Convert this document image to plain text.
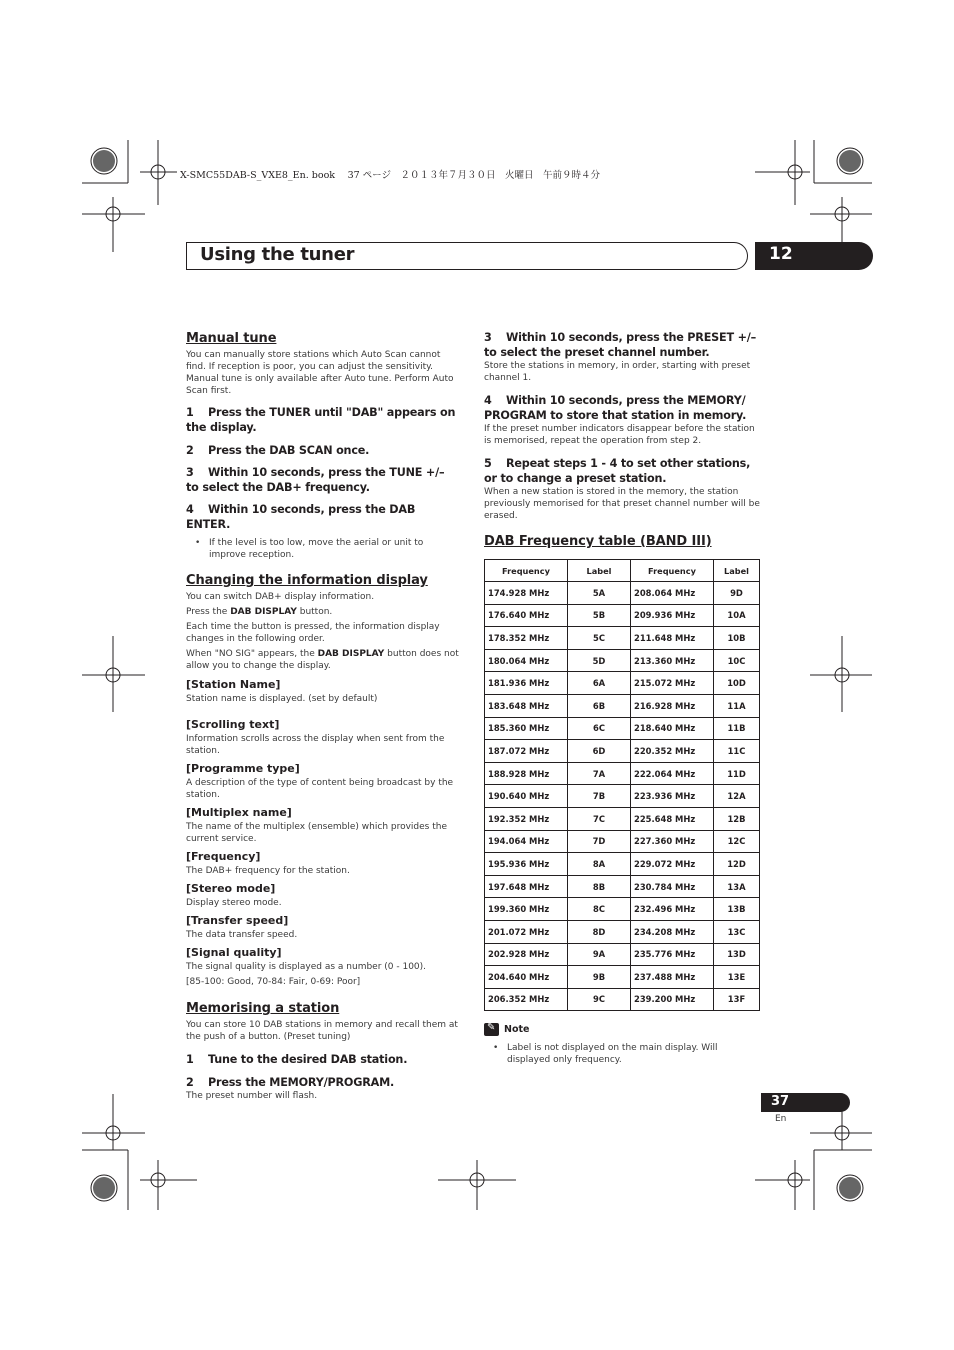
X-SMC55DAB-S_VXE8_En. book　 37 ページ　２０１３年７月３０日　火曜日　午前９時４分
Using the tuner	12
Manual tune

You can manually store stations which Auto Scan cannot find. If reception is poor, you can adjust the sensitivity. Manual tune is only available after Auto tune. Perform Auto Scan first.

1 Press the TUNER until "DAB" appears on the display.

2 Press the DAB SCAN once.

3 Within 10 seconds, press the TUNE +/– to select the DAB+ frequency.

4 Within 10 seconds, press the DAB ENTER.

• If the level is too low, move the aerial or unit to improve reception.

Changing the information display

You can switch DAB+ display information.

Press the DAB DISPLAY button.

Each time the button is pressed, the information display changes in the following order.

When "NO SIG" appears, the DAB DISPLAY button does not allow you to change the display.

[Station Name]

Station name is displayed. (set by default)

[Scrolling text]

Information scrolls across the display when sent from the station.

[Programme type]

A description of the type of content being broadcast by the station.

[Multiplex name]

The name of the multiplex (ensemble) which provides the current service.

[Frequency]

The DAB+ frequency for the station.

[Stereo mode]

Display stereo mode.

[Transfer speed]

The data transfer speed.

[Signal quality]

The signal quality is displayed as a number (0 - 100).

[85-100: Good, 70-84: Fair, 0-69: Poor]

Memorising a station

You can store 10 DAB stations in memory and recall them at the push of a button. (Preset tuning)

1 Tune to the desired DAB station.

2 Press the MEMORY/PROGRAM.

The preset number will flash.

3 Within 10 seconds, press the PRESET +/– to select the preset channel number.

Store the stations in memory, in order, starting with preset channel 1.

4 Within 10 seconds, press the MEMORY/ PROGRAM to store that station in memory.

If the preset number indicators disappear before the station is memorised, repeat the operation from step 2.

5 Repeat steps 1 - 4 to set other stations, or to change a preset station.

When a new station is stored in the memory, the station previously memorised for that preset channel number will be erased.

DAB Frequency table (BAND III)
Frequency	Label	Frequency	Label
174.928 MHz	5A	208.064 MHz	9D
176.640 MHz	5B	209.936 MHz	10A
178.352 MHz	5C	211.648 MHz	10B
180.064 MHz	5D	213.360 MHz	10C
181.936 MHz	6A	215.072 MHz	10D
183.648 MHz	6B	216.928 MHz	11A
185.360 MHz	6C	218.640 MHz	11B
187.072 MHz	6D	220.352 MHz	11C
188.928 MHz	7A	222.064 MHz	11D
190.640 MHz	7B	223.936 MHz	12A
192.352 MHz	7C	225.648 MHz	12B
194.064 MHz	7D	227.360 MHz	12C
195.936 MHz	8A	229.072 MHz	12D
197.648 MHz	8B	230.784 MHz	13A
199.360 MHz	8C	232.496 MHz	13B
201.072 MHz	8D	234.208 MHz	13C
202.928 MHz	9A	235.776 MHz	13D
204.640 MHz	9B	237.488 MHz	13E
206.352 MHz	9C	239.200 MHz	13F
✎
Note

• Label is not displayed on the main display. Will displayed only frequency.

37
En
